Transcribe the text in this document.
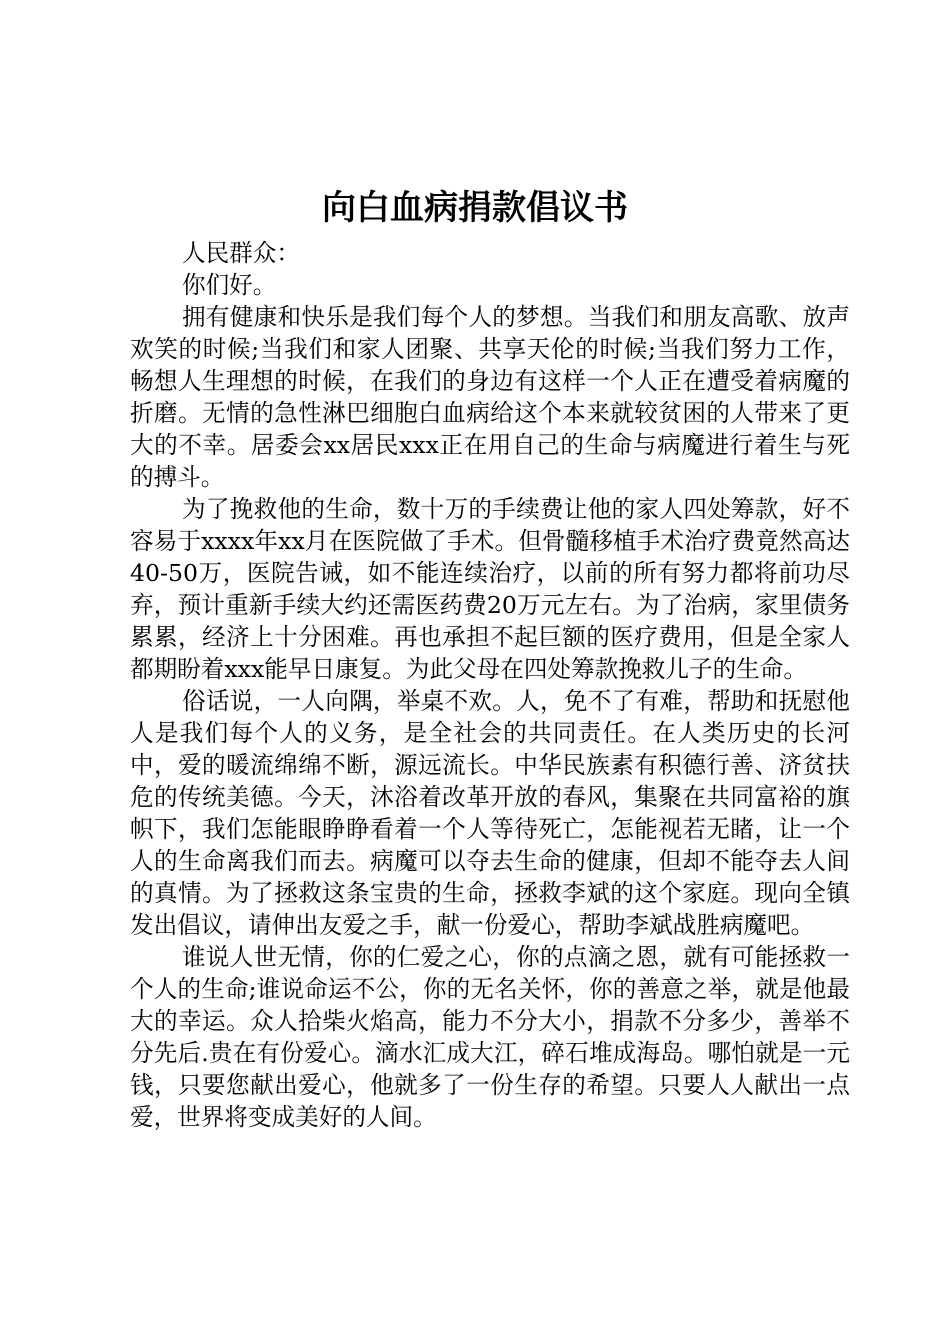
向白血病捐款倡议书

人民群众：

你们好。

拥有健康和快乐是我们每个人的梦想。当我们和朋友高歌、放声欢笑的时候;当我们和家人团聚、共享天伦的时候;当我们努力工作，畅想人生理想的时候，在我们的身边有这样一个人正在遭受着病魔的折磨。无情的急性淋巴细胞白血病给这个本来就较贫困的人带来了更大的不幸。居委会xx居民xxx正在用自己的生命与病魔进行着生与死的搏斗。

为了挽救他的生命，数十万的手续费让他的家人四处筹款，好不容易于xxxx年xx月在医院做了手术。但骨髓移植手术治疗费竟然高达40-50万，医院告诫，如不能连续治疗，以前的所有努力都将前功尽弃，预计重新手续大约还需医药费20万元左右。为了治病，家里债务累累，经济上十分困难。再也承担不起巨额的医疗费用，但是全家人都期盼着xxx能早日康复。为此父母在四处筹款挽救儿子的生命。

俗话说，一人向隅，举桌不欢。人，免不了有难，帮助和抚慰他人是我们每个人的义务，是全社会的共同责任。在人类历史的长河中，爱的暖流绵绵不断，源远流长。中华民族素有积德行善、济贫扶危的传统美德。今天，沐浴着改革开放的春风，集聚在共同富裕的旗帜下，我们怎能眼睁睁看着一个人等待死亡，怎能视若无睹，让一个人的生命离我们而去。病魔可以夺去生命的健康，但却不能夺去人间的真情。为了拯救这条宝贵的生命，拯救李斌的这个家庭。现向全镇发出倡议，请伸出友爱之手，献一份爱心，帮助李斌战胜病魔吧。

谁说人世无情，你的仁爱之心，你的点滴之恩，就有可能拯救一个人的生命;谁说命运不公，你的无名关怀，你的善意之举，就是他最大的幸运。众人拾柴火焰高，能力不分大小，捐款不分多少，善举不分先后.贵在有份爱心。滴水汇成大江，碎石堆成海岛。哪怕就是一元钱，只要您献出爱心，他就多了一份生存的希望。只要人人献出一点爱，世界将变成美好的人间。
